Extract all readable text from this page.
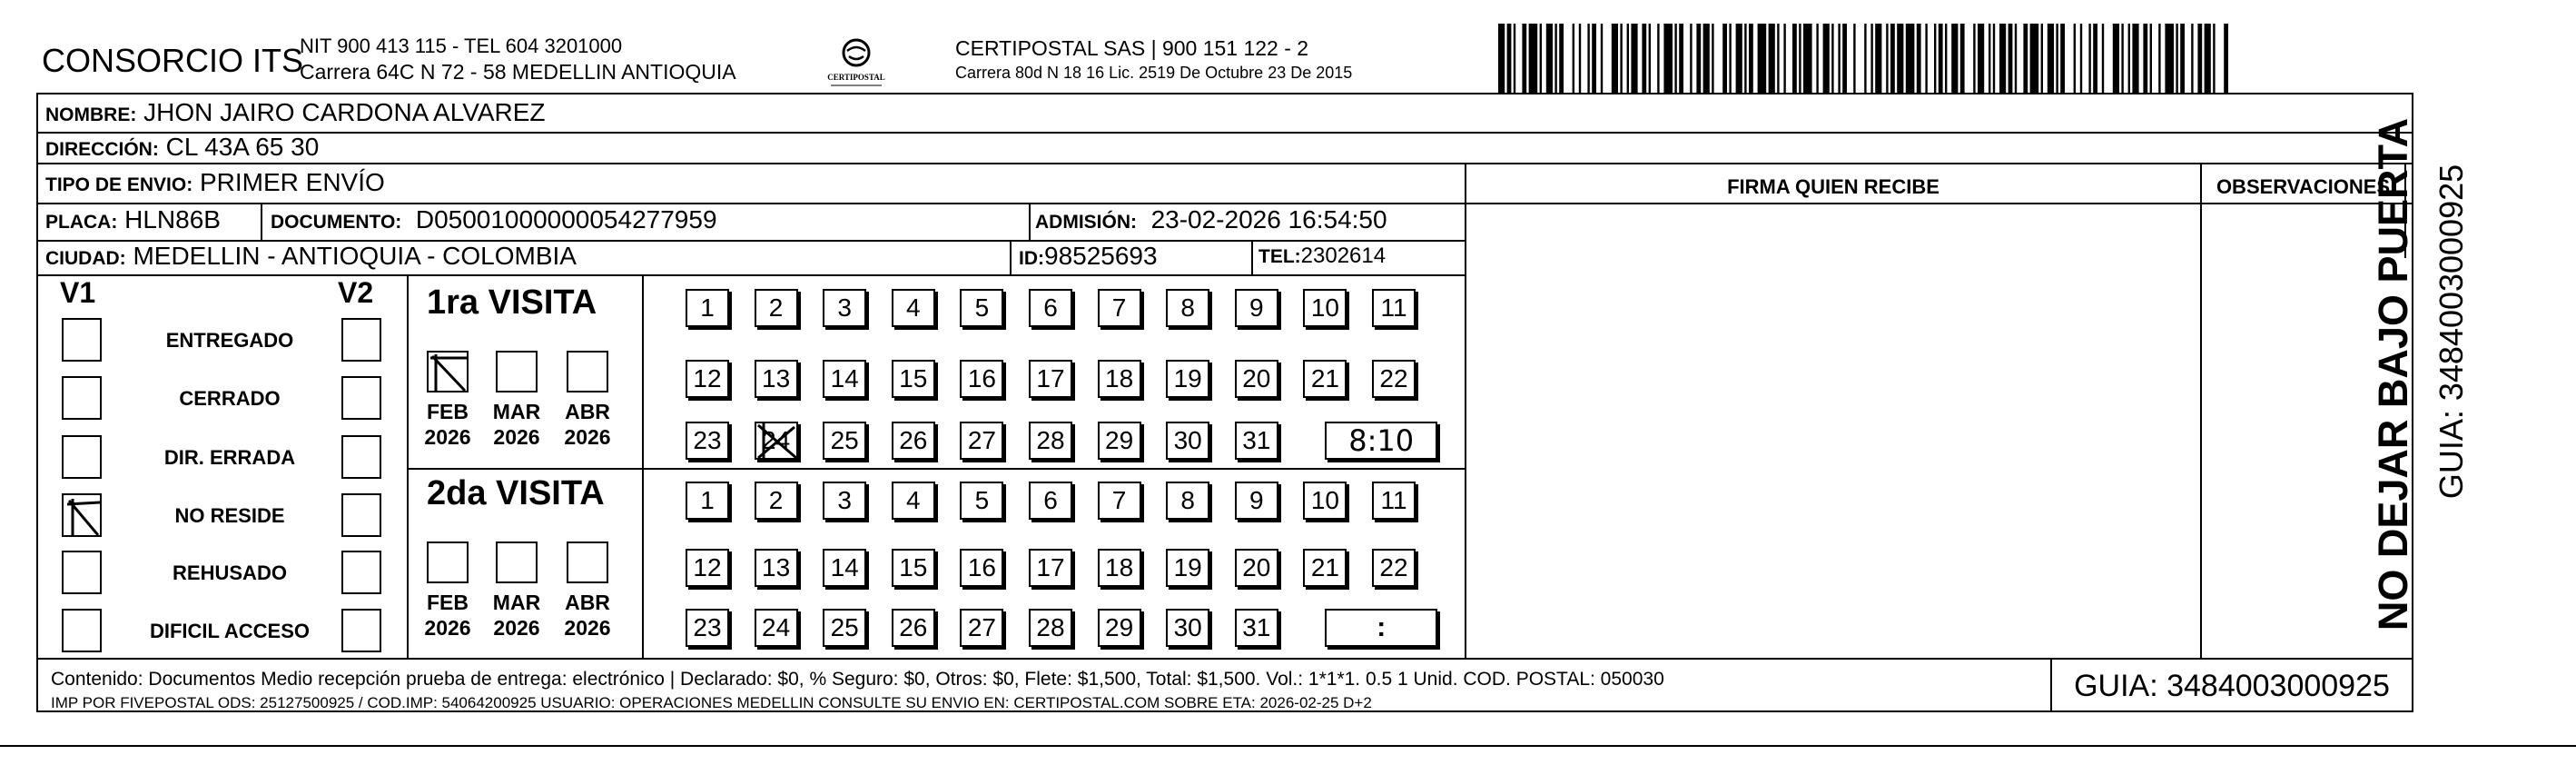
CONSORCIO ITS
NIT 900 413 115 - TEL 604 3201000
Carrera 64C N 72 - 58 MEDELLIN ANTIOQUIA	CERTIPOSTAL
CERTIPOSTAL SAS | 900 151 122 - 2
Carrera 80d N 18 16 Lic. 2519 De Octubre 23 De 2015
NOMBRE: JHON JAIRO CARDONA ALVAREZ
DIRECCIÓN: CL 43A 65 30
TIPO DE ENVIO: PRIMER ENVÍO
PLACA: HLN86B	DOCUMENTO: D05001000000054277959	ADMISIÓN: 23-02-2026 16:54:50
CIUDAD: MEDELLIN - ANTIOQUIA - COLOMBIA	ID:98525693	TEL:2302614
FIRMA QUIEN RECIBE	OBSERVACIONES
V1	V2
ENTREGADO
CERRADO
DIR. ERRADA
NO RESIDE
REHUSADO
DIFICIL ACCESO
1ra VISITA
2da VISITA
FEB
2026
MAR
2026
ABR
2026
FEB
2026
MAR
2026
ABR
2026
1	2	3	4	5	6	7	8	9	10	11
12	13	14	15	16	17	18	19	20	21	22
23	24	25	26	27	28	29	30	31	8:10
1	2	3	4	5	6	7	8	9	10	11
12	13	14	15	16	17	18	19	20	21	22
23	24	25	26	27	28	29	30	31	:
Contenido: Documentos Medio recepción prueba de entrega: electrónico | Declarado: $0, % Seguro: $0, Otros: $0, Flete: $1,500, Total: $1,500. Vol.: 1*1*1. 0.5 1 Unid. COD. POSTAL: 050030
IMP POR FIVEPOSTAL ODS: 25127500925 / COD.IMP: 54064200925 USUARIO: OPERACIONES MEDELLIN CONSULTE SU ENVIO EN: CERTIPOSTAL.COM SOBRE ETA: 2026-02-25 D+2	GUIA: 3484003000925
NO DEJAR BAJO PUERTA GUIA: 3484003000925
